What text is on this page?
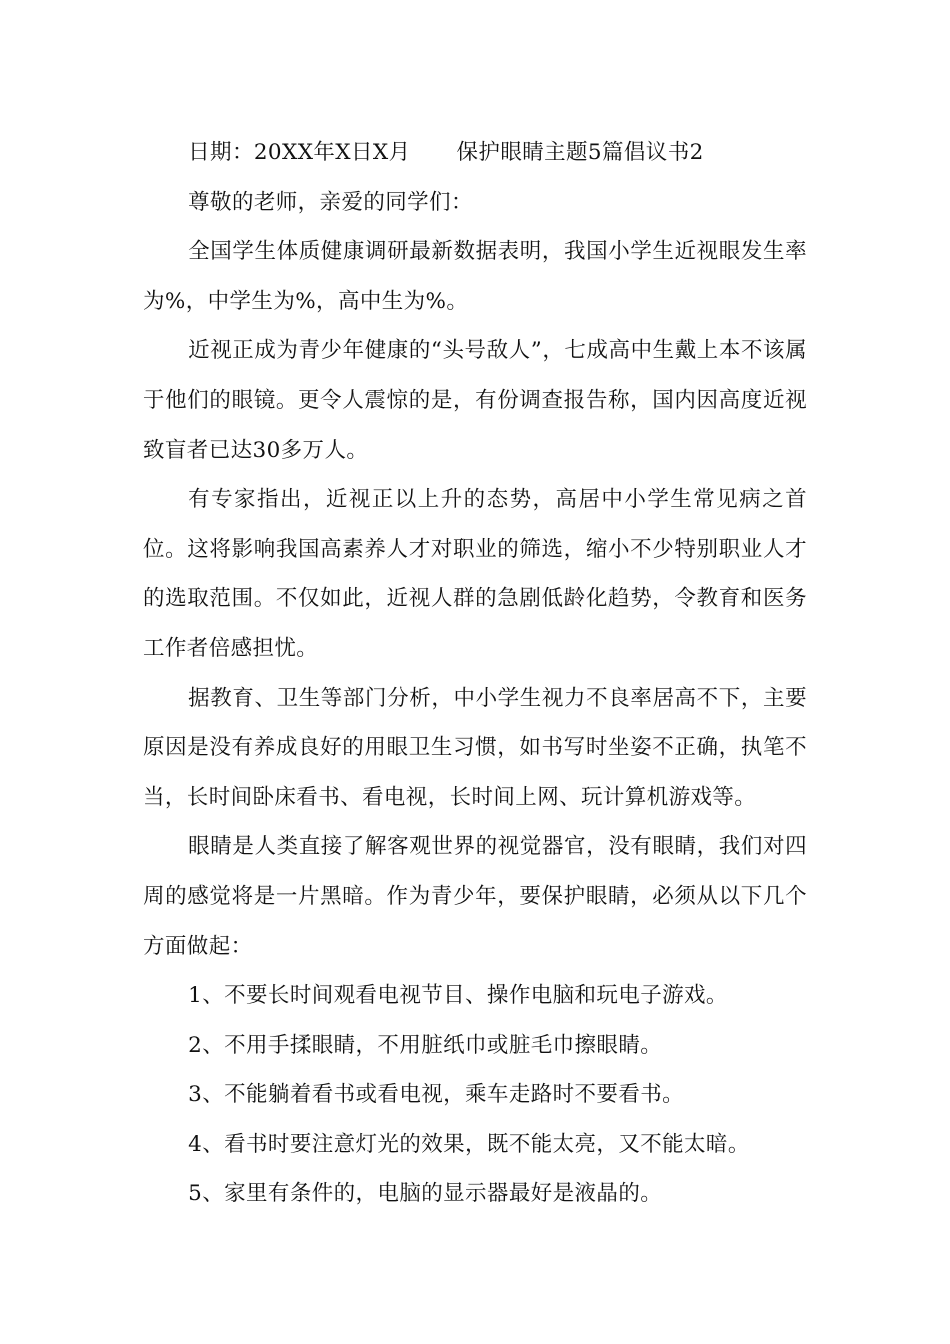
日期：20XX年X日X月 保护眼睛主题5篇倡议书2

尊敬的老师，亲爱的同学们：

全国学生体质健康调研最新数据表明，我国小学生近视眼发生率为%，中学生为%，高中生为%。

近视正成为青少年健康的“头号敌人”，七成高中生戴上本不该属于他们的眼镜。更令人震惊的是，有份调查报告称，国内因高度近视致盲者已达30多万人。

有专家指出，近视正以上升的态势，高居中小学生常见病之首位。这将影响我国高素养人才对职业的筛选，缩小不少特别职业人才的选取范围。不仅如此，近视人群的急剧低龄化趋势，令教育和医务工作者倍感担忧。

据教育、卫生等部门分析，中小学生视力不良率居高不下，主要原因是没有养成良好的用眼卫生习惯，如书写时坐姿不正确，执笔不当，长时间卧床看书、看电视，长时间上网、玩计算机游戏等。

眼睛是人类直接了解客观世界的视觉器官，没有眼睛，我们对四周的感觉将是一片黑暗。作为青少年，要保护眼睛，必须从以下几个方面做起：

1、不要长时间观看电视节目、操作电脑和玩电子游戏。

2、不用手揉眼睛，不用脏纸巾或脏毛巾擦眼睛。

3、不能躺着看书或看电视，乘车走路时不要看书。

4、看书时要注意灯光的效果，既不能太亮，又不能太暗。

5、家里有条件的，电脑的显示器最好是液晶的。
